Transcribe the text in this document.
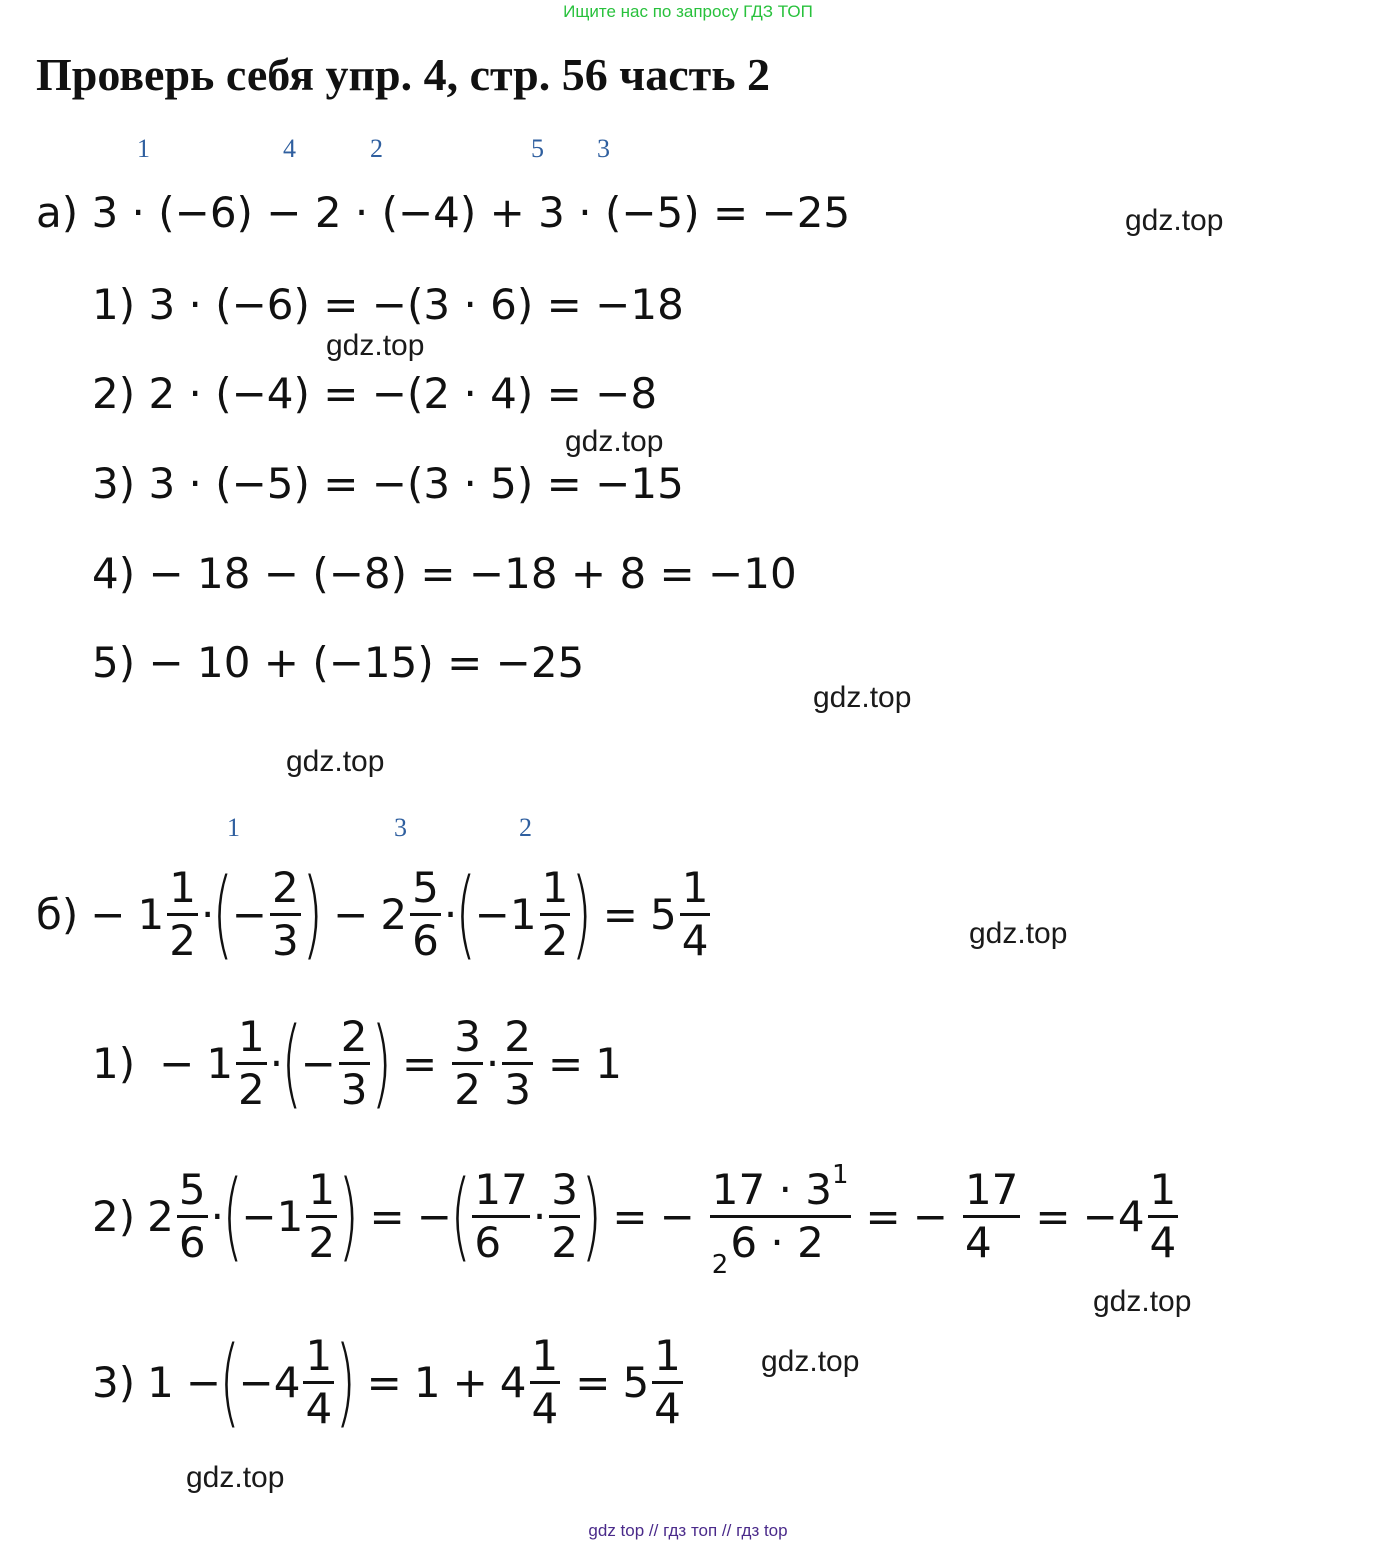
Ищите нас по запросу ГДЗ ТОП
Проверь себя упр. 4, стр. 56 часть 2
1	4	2	5 3
а) 3 · (−6) − 2 · (−4) + 3 · (−5) = −25
1) 3 · (−6) = −(3 · 6) = −18
2) 2 · (−4) = −(2 · 4) = −8
3) 3 · (−5) = −(3 · 5) = −15
4) − 18 − (−8) = −18 + 8 = −10
5) − 10 + (−15) = −25
1	3	2
$б) - 1 \frac{1}{2}$ ·
(
− $\frac{2}{3}$ ) − $2 \frac{5}{6}$ ·
(
− $1 \frac{1}{2}$ ) = $5 \frac{1}{4}$
$1) - 1 \frac{1}{2}$ ·
(
− $\frac{2}{3}$ ) = $\frac{3}{2} \cdot \frac{2}{3} = 1$
2) $2 \frac{5}{6}$ ·
(
− $1 \frac{1}{2}$ ) = −
( $\frac{17}{6} \cdot \frac{3}{2}$ ) = − $\frac{17 \cdot 3^1}{_26 \cdot 2}$ = − $\frac{17}{4}$ = − $4 \frac{1}{4}$
3) 1 −
(
− $4 \frac{1}{4}$ ) = $1 + 4 \frac{1}{4} = 5 \frac{1}{4}$
gdz.top
gdz.top
gdz.top
gdz.top
gdz.top
gdz.top
gdz.top
gdz.top
gdz.top
gdz top // гдз топ // гдз top
